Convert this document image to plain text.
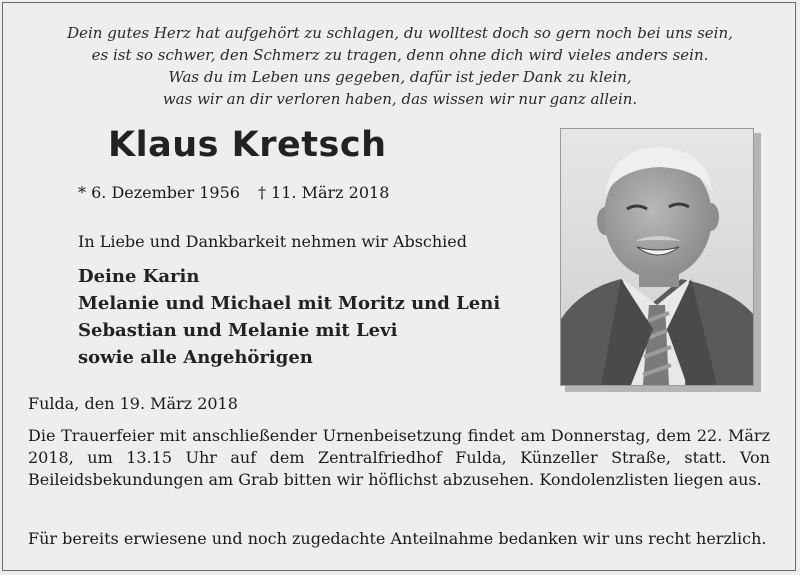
Dein gutes Herz hat aufgehört zu schlagen, du wolltest doch so gern noch bei uns sein,
es ist so schwer, den Schmerz zu tragen, denn ohne dich wird vieles anders sein.
Was du im Leben uns gegeben, dafür ist jeder Dank zu klein,
was wir an dir verloren haben, das wissen wir nur ganz allein.
Klaus Kretsch
* 6. Dezember 1956 † 11. März 2018
In Liebe und Dankbarkeit nehmen wir Abschied
Deine Karin
Melanie und Michael mit Moritz und Leni
Sebastian und Melanie mit Levi
sowie alle Angehörigen
Fulda, den 19. März 2018
Die Trauerfeier mit anschließender Urnenbeisetzung findet am Donnerstag, dem 22. März 2018, um 13.15 Uhr auf dem Zentralfriedhof Fulda, Künzeller Straße, statt. Von Beileidsbekundungen am Grab bitten wir höflichst abzusehen. Kondolenzlisten liegen aus.
Für bereits erwiesene und noch zugedachte Anteilnahme bedanken wir uns recht herzlich.
